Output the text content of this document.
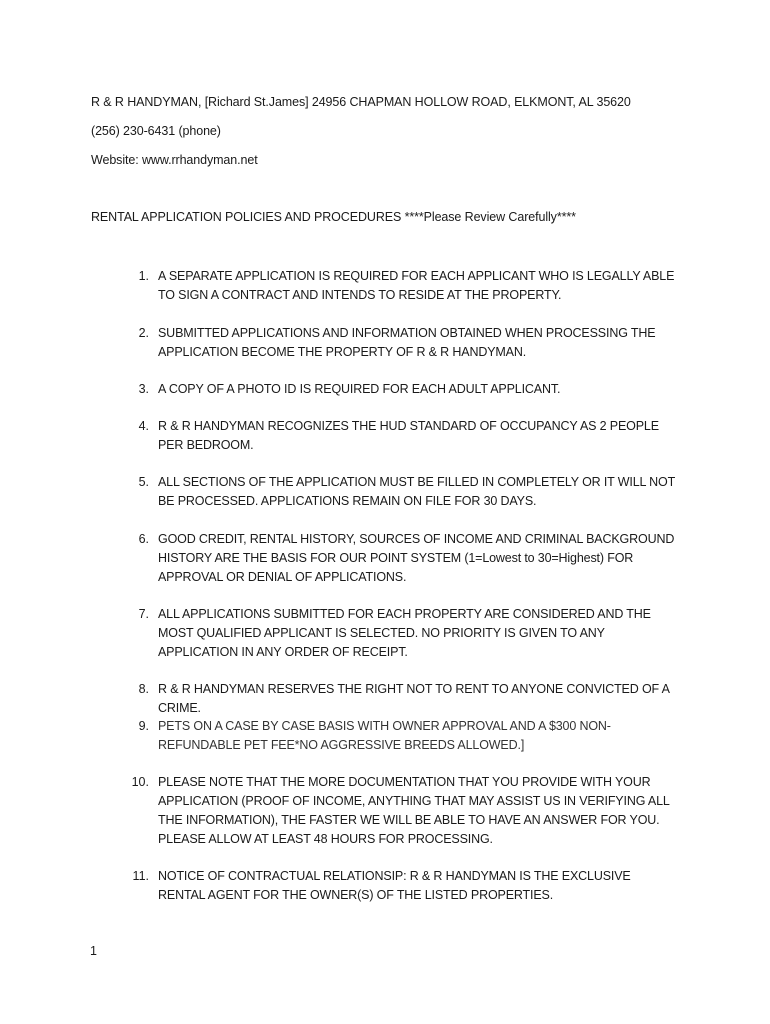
R & R HANDYMAN, [Richard St.James] 24956 CHAPMAN HOLLOW ROAD, ELKMONT, AL 35620
(256) 230-6431 (phone)
Website: www.rrhandyman.net
RENTAL APPLICATION POLICIES AND PROCEDURES ****Please Review Carefully****
1. A SEPARATE APPLICATION IS REQUIRED FOR EACH APPLICANT WHO IS LEGALLY ABLE TO SIGN A CONTRACT AND INTENDS TO RESIDE AT THE PROPERTY.
2. SUBMITTED APPLICATIONS AND INFORMATION OBTAINED WHEN PROCESSING THE APPLICATION BECOME THE PROPERTY OF R & R HANDYMAN.
3. A COPY OF A PHOTO ID IS REQUIRED FOR EACH ADULT APPLICANT.
4. R & R HANDYMAN RECOGNIZES THE HUD STANDARD OF OCCUPANCY AS 2 PEOPLE PER BEDROOM.
5. ALL SECTIONS OF THE APPLICATION MUST BE FILLED IN COMPLETELY OR IT WILL NOT BE PROCESSED. APPLICATIONS REMAIN ON FILE FOR 30 DAYS.
6. GOOD CREDIT, RENTAL HISTORY, SOURCES OF INCOME AND CRIMINAL BACKGROUND HISTORY ARE THE BASIS FOR OUR POINT SYSTEM (1=Lowest to 30=Highest) FOR APPROVAL OR DENIAL OF APPLICATIONS.
7. ALL APPLICATIONS SUBMITTED FOR EACH PROPERTY ARE CONSIDERED AND THE MOST QUALIFIED APPLICANT IS SELECTED. NO PRIORITY IS GIVEN TO ANY APPLICATION IN ANY ORDER OF RECEIPT.
8. R & R HANDYMAN RESERVES THE RIGHT NOT TO RENT TO ANYONE CONVICTED OF A CRIME.
9. PETS ON A CASE BY CASE BASIS WITH OWNER APPROVAL AND A $300 NON-REFUNDABLE PET FEE*NO AGGRESSIVE BREEDS ALLOWED.]
10. PLEASE NOTE THAT THE MORE DOCUMENTATION THAT YOU PROVIDE WITH YOUR APPLICATION (PROOF OF INCOME, ANYTHING THAT MAY ASSIST US IN VERIFYING ALL THE INFORMATION), THE FASTER WE WILL BE ABLE TO HAVE AN ANSWER FOR YOU. PLEASE ALLOW AT LEAST 48 HOURS FOR PROCESSING.
11. NOTICE OF CONTRACTUAL RELATIONSIP: R & R HANDYMAN IS THE EXCLUSIVE RENTAL AGENT FOR THE OWNER(S) OF THE LISTED PROPERTIES.
1
